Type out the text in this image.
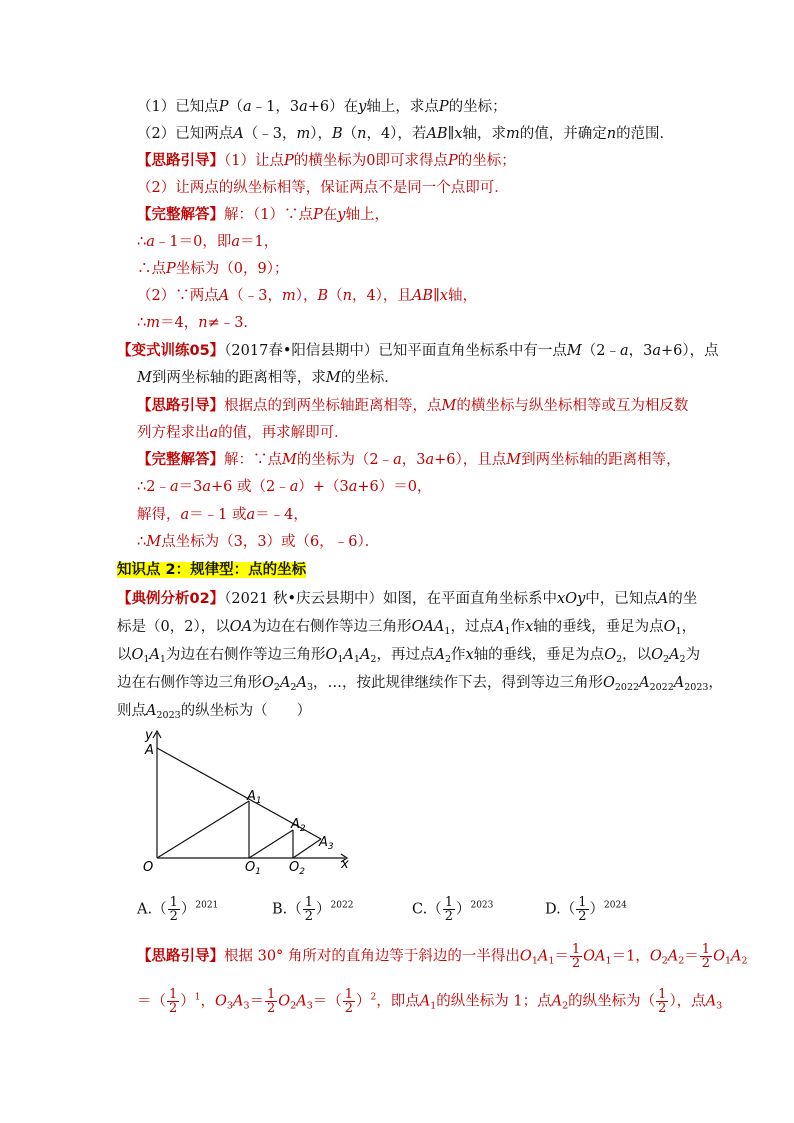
（1）已知点P（a﹣1，3a+6）在y轴上，求点P的坐标；
（2）已知两点A（﹣3，m），B（n，4），若AB∥x轴，求m的值，并确定n的范围．
【思路引导】（1）让点P的横坐标为0即可求得点P的坐标；
（2）让两点的纵坐标相等，保证两点不是同一个点即可．
【完整解答】解：（1）∵点P在y轴上，
∴a﹣1＝0，即a＝1，
∴点P坐标为（0，9）；
（2）∵两点A（﹣3，m），B（n，4），且AB∥x轴，
∴m＝4，n≠﹣3．
【变式训练05】（2017春•阳信县期中）已知平面直角坐标系中有一点M（2﹣a，3a+6），点
M到两坐标轴的距离相等，求M的坐标．
【思路引导】根据点的到两坐标轴距离相等，点M的横坐标与纵坐标相等或互为相反数
列方程求出a的值，再求解即可．
【完整解答】解：∵点M的坐标为（2﹣a，3a+6），且点M到两坐标轴的距离相等，
∴2﹣a＝3a+6 或（2﹣a）+（3a+6）＝0，
解得，a＝﹣1 或a＝﹣4，
∴M点坐标为（3，3）或（6，﹣6）．
知识点 2：规律型：点的坐标
【典例分析02】（2021 秋•庆云县期中）如图，在平面直角坐标系中xOy中，已知点A的坐
标是（0，2），以OA为边在右侧作等边三角形$OAA_1$，过点$A_1$作x轴的垂线，垂足为点$O_1$，
以$O_1A_1$为边在右侧作等边三角形$O_1A_1A_2$，再过点$A_2$作x轴的垂线，垂足为点$O_2$，以$O_2A_2$为
边在右侧作等边三角形$O_2A_2A_3$，…，按此规律继续作下去，得到等边三角形$O_{2022}A_{2022}A_{2023}$，
则点$A_{2023}$的纵坐标为（　　）
y
A
$A_1$
$A_2$
$A_3$
O	$O_1$ $O_2$	x
$A.( \frac{1}{2} )^{2021}$	$B.( \frac{1}{2} )^{2022}$	$C.( \frac{1}{2} )^{2023}$	$D.( \frac{1}{2} )^{2024}$
【思路引导】根据 30° 角所对的直角边等于斜边的一半得出$O_1A_1= \frac{1}{2} OA_1=1$，$O_2A_2= \frac{1}{2} O_1A_2$
＝（ $\frac{1}{2} )^1$，$O_3A_3= \frac{1}{2} O_2A_3=( \frac{1}{2} )^2$，即点$A_1$的纵坐标为 1；点$A_2$的纵坐标为（ $\frac{1}{2}$ ），点$A_3$
